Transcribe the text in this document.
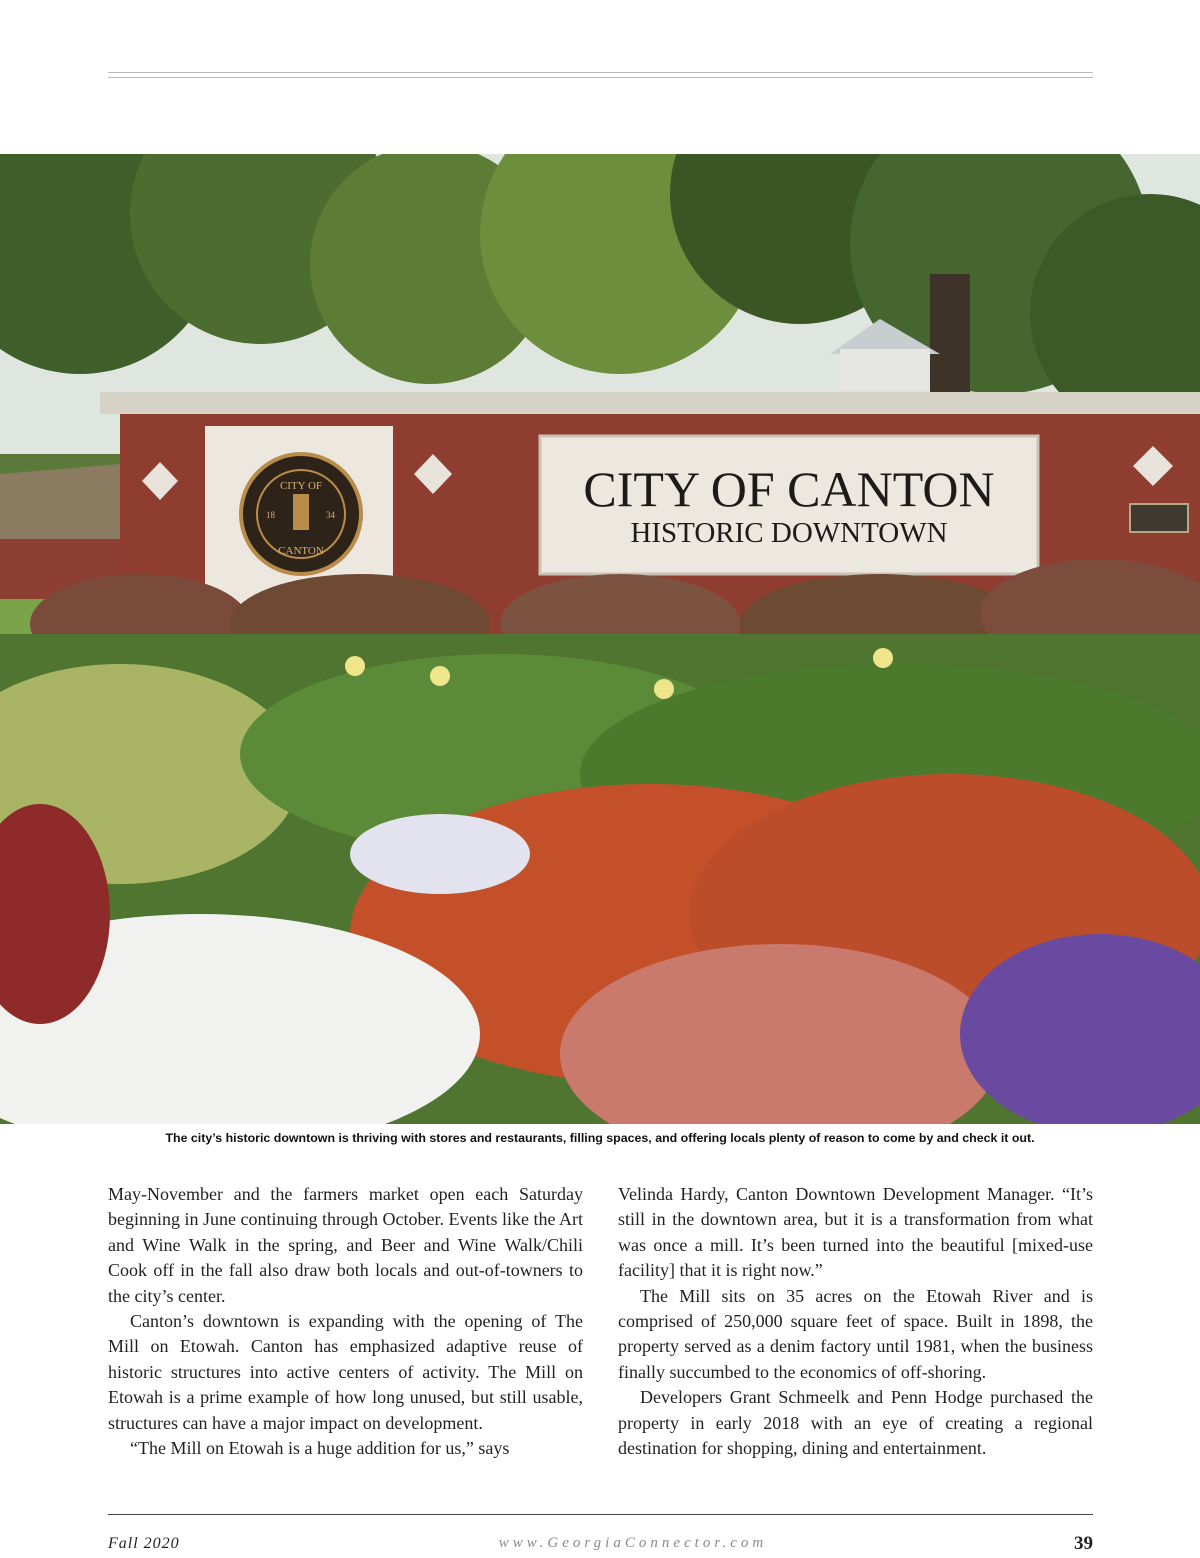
CITY OF
CANTON
18	34	CITY OF CANTON
HISTORIC DOWNTOWN
The city’s historic downtown is thriving with stores and restaurants, filling spaces, and offering locals plenty of reason to come by and check it out.

May-November and the farmers market open each Saturday beginning in June continuing through October. Events like the Art and Wine Walk in the spring, and Beer and Wine Walk/Chili Cook off in the fall also draw both locals and out-of-towners to the city’s center.

Canton’s downtown is expanding with the opening of The Mill on Etowah. Canton has emphasized adaptive reuse of historic structures into active centers of activity. The Mill on Etowah is a prime example of how long unused, but still usable, structures can have a major impact on development.

“The Mill on Etowah is a huge addition for us,” says

Velinda Hardy, Canton Downtown Development Manager. “It’s still in the downtown area, but it is a transformation from what was once a mill. It’s been turned into the beautiful [mixed-use facility] that it is right now.”

The Mill sits on 35 acres on the Etowah River and is comprised of 250,000 square feet of space. Built in 1898, the property served as a denim factory until 1981, when the business finally succumbed to the economics of off-shoring.

Developers Grant Schmeelk and Penn Hodge purchased the property in early 2018 with an eye of creating a regional destination for shopping, dining and entertainment.

Fall 2020	www.GeorgiaConnector.com	39
